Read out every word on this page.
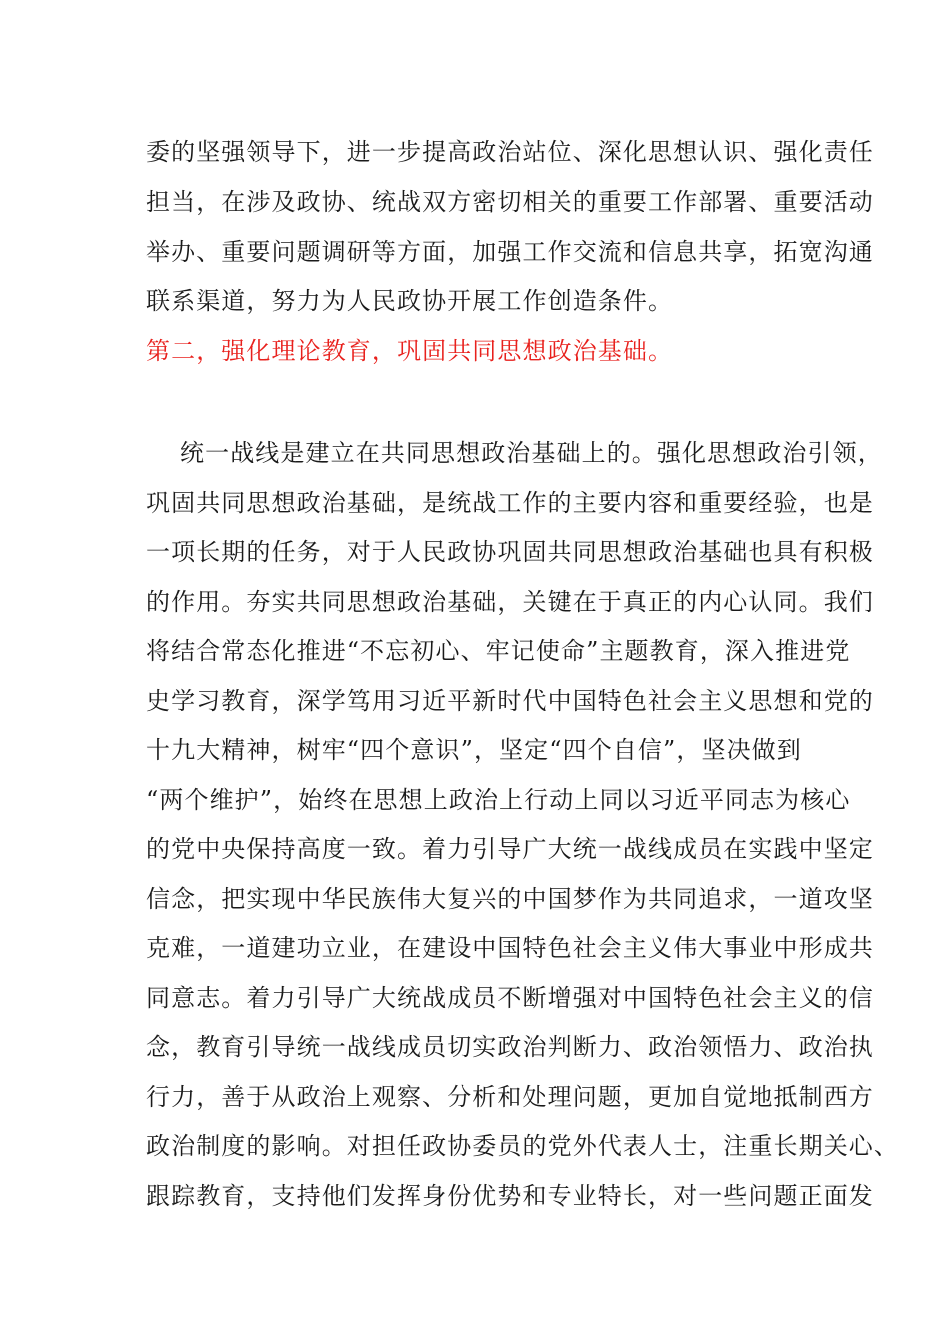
委的坚强领导下，进一步提高政治站位、深化思想认识、强化责任
担当，在涉及政协、统战双方密切相关的重要工作部署、重要活动
举办、重要问题调研等方面，加强工作交流和信息共享，拓宽沟通
联系渠道，努力为人民政协开展工作创造条件。
第二，强化理论教育，巩固共同思想政治基础。
统一战线是建立在共同思想政治基础上的。强化思想政治引领，
巩固共同思想政治基础，是统战工作的主要内容和重要经验，也是
一项长期的任务，对于人民政协巩固共同思想政治基础也具有积极
的作用。夯实共同思想政治基础，关键在于真正的内心认同。我们
将结合常态化推进“不忘初心、牢记使命”主题教育，深入推进党
史学习教育，深学笃用习近平新时代中国特色社会主义思想和党的
十九大精神，树牢“四个意识”，坚定“四个自信”，坚决做到
“两个维护”，始终在思想上政治上行动上同以习近平同志为核心
的党中央保持高度一致。着力引导广大统一战线成员在实践中坚定
信念，把实现中华民族伟大复兴的中国梦作为共同追求，一道攻坚
克难，一道建功立业，在建设中国特色社会主义伟大事业中形成共
同意志。着力引导广大统战成员不断增强对中国特色社会主义的信
念，教育引导统一战线成员切实政治判断力、政治领悟力、政治执
行力，善于从政治上观察、分析和处理问题，更加自觉地抵制西方
政治制度的影响。对担任政协委员的党外代表人士，注重长期关心、
跟踪教育，支持他们发挥身份优势和专业特长，对一些问题正面发
